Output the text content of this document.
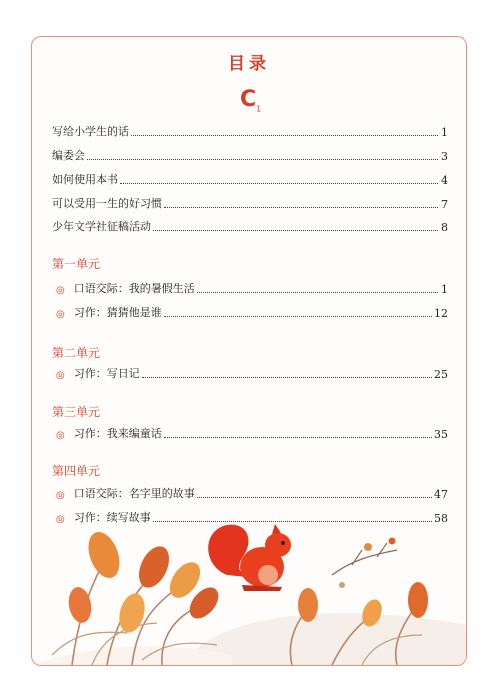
目录
$C_1$
写给小学生的话	1
编委会	3
如何使用本书	4
可以受用一生的好习惯	7
少年文学社征稿活动	8
第一单元
◎ 口语交际：我的暑假生活	1
◎ 习作：猜猜他是谁	12
第二单元
◎ 习作：写日记	25
第三单元
◎ 习作：我来编童话	35
第四单元
◎ 口语交际：名字里的故事	47
◎ 习作：续写故事	58
